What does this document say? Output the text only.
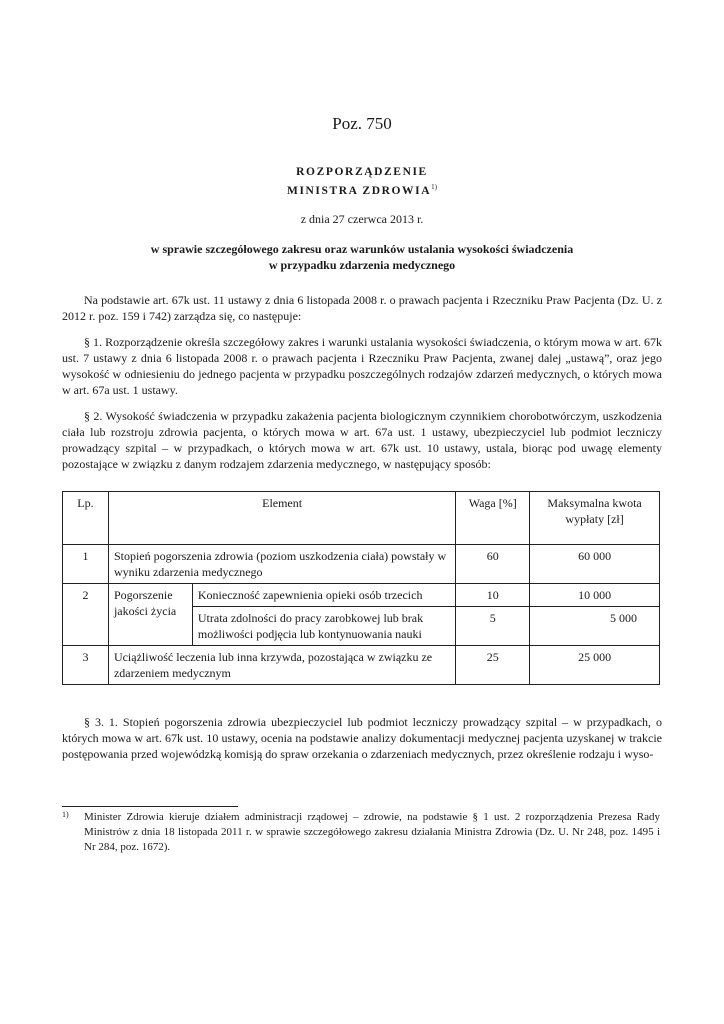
Poz. 750
ROZPORZĄDZENIE
MINISTRA ZDROWIA$^{1)}$
z dnia 27 czerwca 2013 r.
w sprawie szczegółowego zakresu oraz warunków ustalania wysokości świadczenia
w przypadku zdarzenia medycznego

Na podstawie art. 67k ust. 11 ustawy z dnia 6 listopada 2008 r. o prawach pacjenta i Rzeczniku Praw Pacjenta (Dz. U. z 2012 r. poz. 159 i 742) zarządza się, co następuje:

§ 1. Rozporządzenie określa szczegółowy zakres i warunki ustalania wysokości świadczenia, o którym mowa w art. 67k ust. 7 ustawy z dnia 6 listopada 2008 r. o prawach pacjenta i Rzeczniku Praw Pacjenta, zwanej dalej „ustawą”, oraz jego wysokość w odniesieniu do jednego pacjenta w przypadku poszczególnych rodzajów zdarzeń medycznych, o których mowa w art. 67a ust. 1 ustawy.

§ 2. Wysokość świadczenia w przypadku zakażenia pacjenta biologicznym czynnikiem chorobotwórczym, uszkodzenia ciała lub rozstroju zdrowia pacjenta, o których mowa w art. 67a ust. 1 ustawy, ubezpieczyciel lub podmiot leczniczy prowadzący szpital – w przypadkach, o których mowa w art. 67k ust. 10 ustawy, ustala, biorąc pod uwagę elementy pozostające w związku z danym rodzajem zdarzenia medycznego, w następujący sposób:

Lp.	Element		Waga [%]	Maksymalna kwota wypłaty [zł]
1	Stopień pogorszenia zdrowia (poziom uszkodzenia ciała) powstały w wyniku zdarzenia medycznego		60	60 000
2	Pogorszenie jakości życia	Konieczność zapewnienia opieki osób trzecich	10	10 000
		Utrata zdolności do pracy zarobkowej lub brak możliwości podjęcia lub kontynuowania nauki	5	5 000
3	Uciążliwość leczenia lub inna krzywda, pozostająca w związku ze zdarzeniem medycznym		25	25 000

§ 3. 1. Stopień pogorszenia zdrowia ubezpieczyciel lub podmiot leczniczy prowadzący szpital – w przypadkach, o których mowa w art. 67k ust. 10 ustawy, ocenia na podstawie analizy dokumentacji medycznej pacjenta uzyskanej w trakcie postępowania przed wojewódzką komisją do spraw orzekania o zdarzeniach medycznych, przez określenie rodzaju i wyso-

1) Minister Zdrowia kieruje działem administracji rządowej – zdrowie, na podstawie § 1 ust. 2 rozporządzenia Prezesa Rady Ministrów z dnia 18 listopada 2011 r. w sprawie szczegółowego zakresu działania Ministra Zdrowia (Dz. U. Nr 248, poz. 1495 i Nr 284, poz. 1672).
